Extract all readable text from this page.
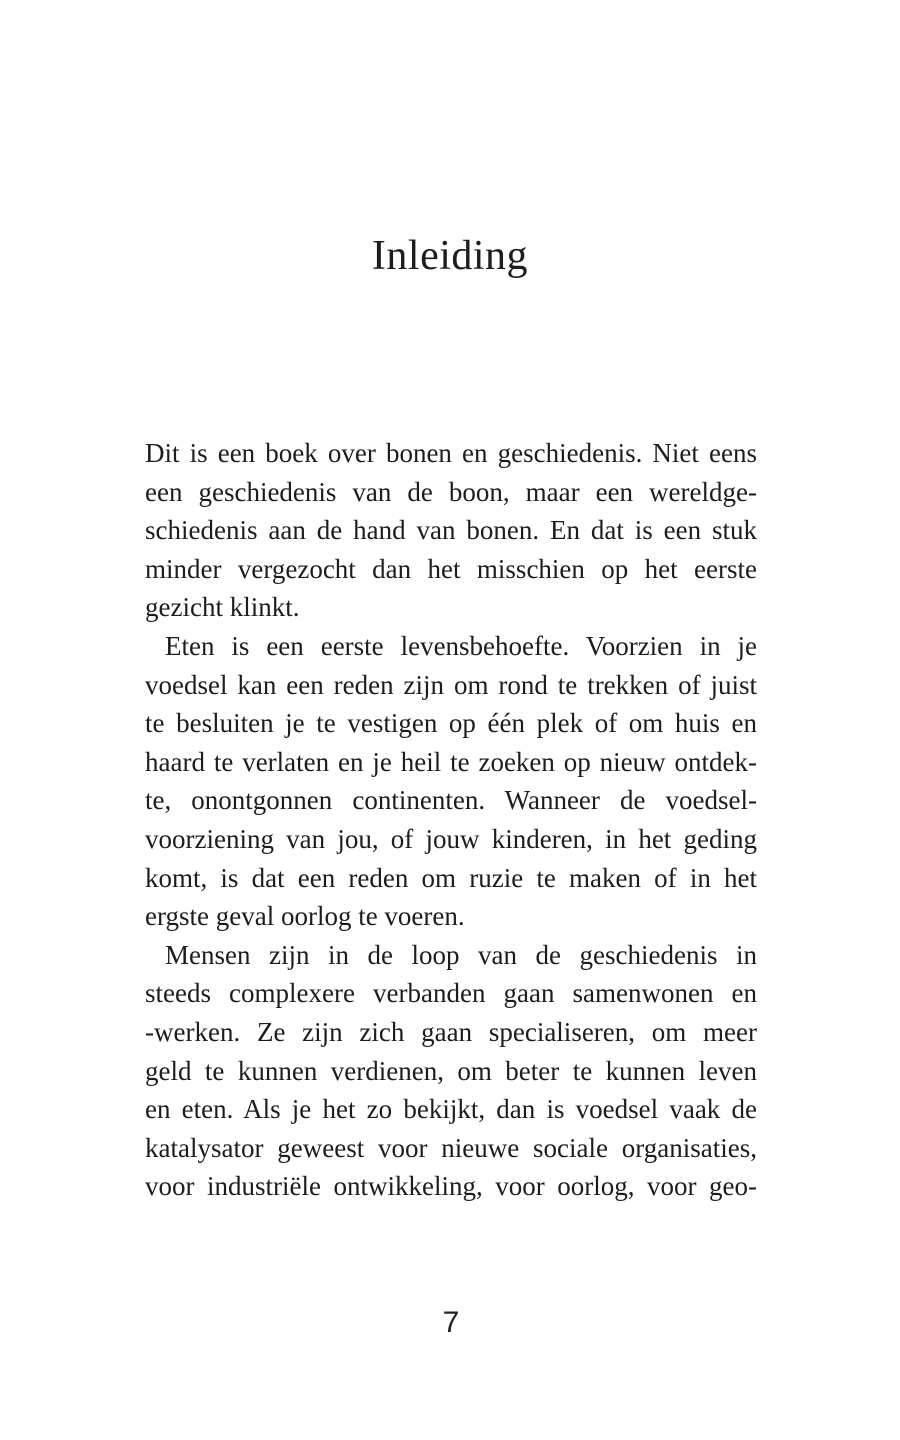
Inleiding
Dit is een boek over bonen en geschiedenis. Niet eens
een geschiedenis van de boon, maar een wereldge-
schiedenis aan de hand van bonen. En dat is een stuk
minder vergezocht dan het misschien op het eerste
gezicht klinkt.
Eten is een eerste levensbehoefte. Voorzien in je
voedsel kan een reden zijn om rond te trekken of juist
te besluiten je te vestigen op één plek of om huis en
haard te verlaten en je heil te zoeken op nieuw ontdek-
te, onontgonnen continenten. Wanneer de voedsel-
voorziening van jou, of jouw kinderen, in het geding
komt, is dat een reden om ruzie te maken of in het
ergste geval oorlog te voeren.
Mensen zijn in de loop van de geschiedenis in
steeds complexere verbanden gaan samenwonen en
-werken. Ze zijn zich gaan specialiseren, om meer
geld te kunnen verdienen, om beter te kunnen leven
en eten. Als je het zo bekijkt, dan is voedsel vaak de
katalysator geweest voor nieuwe sociale organisaties,
voor industriële ontwikkeling, voor oorlog, voor geo-
7
